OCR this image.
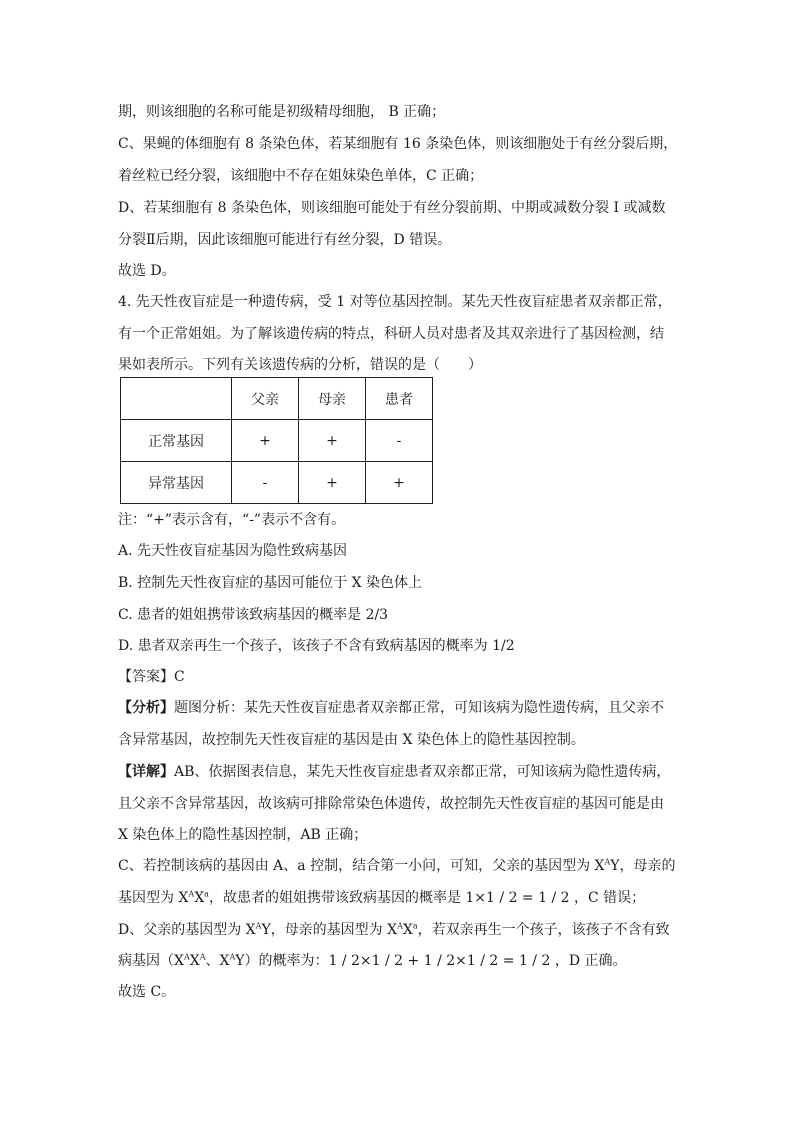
期，则该细胞的名称可能是初级精母细胞， B 正确；
C、果蝇的体细胞有 8 条染色体，若某细胞有 16 条染色体，则该细胞处于有丝分裂后期，
着丝粒已经分裂，该细胞中不存在姐妹染色单体，C 正确；
D、若某细胞有 8 条染色体，则该细胞可能处于有丝分裂前期、中期或减数分裂 I 或减数
分裂Ⅱ后期，因此该细胞可能进行有丝分裂，D 错误。
故选 D。
4. 先天性夜盲症是一种遗传病，受 1 对等位基因控制。某先天性夜盲症患者双亲都正常，
有一个正常姐姐。为了解该遗传病的特点，科研人员对患者及其双亲进行了基因检测，结
果如表所示。下列有关该遗传病的分析，错误的是（　　）
	父亲	母亲	患者
正常基因	+	+	-
异常基因	-	+	+
注：“+”表示含有，“-”表示不含有。
A. 先天性夜盲症基因为隐性致病基因
B. 控制先天性夜盲症的基因可能位于 X 染色体上
C. 患者的姐姐携带该致病基因的概率是 2/3
D. 患者双亲再生一个孩子，该孩子不含有致病基因的概率为 1/2
【答案】C
【分析】题图分析：某先天性夜盲症患者双亲都正常，可知该病为隐性遗传病，且父亲不
含异常基因，故控制先天性夜盲症的基因是由 X 染色体上的隐性基因控制。
【详解】AB、依据图表信息，某先天性夜盲症患者双亲都正常，可知该病为隐性遗传病，
且父亲不含异常基因，故该病可排除常染色体遗传，故控制先天性夜盲症的基因可能是由
X 染色体上的隐性基因控制，AB 正确；
C、若控制该病的基因由 A、a 控制，结合第一小问，可知，父亲的基因型为 $X^AY$，母亲的
基因型为 $X^AX^a$，故患者的姐姐携带该致病基因的概率是 1×1 / 2 = 1 / 2 ，C 错误；
D、父亲的基因型为 $X^AY$，母亲的基因型为 $X^AX^a$，若双亲再生一个孩子，该孩子不含有致
病基因（$X^AX^A$、$X^AY$）的概率为：1 / 2×1 / 2 + 1 / 2×1 / 2 = 1 / 2 ，D 正确。
故选 C。
